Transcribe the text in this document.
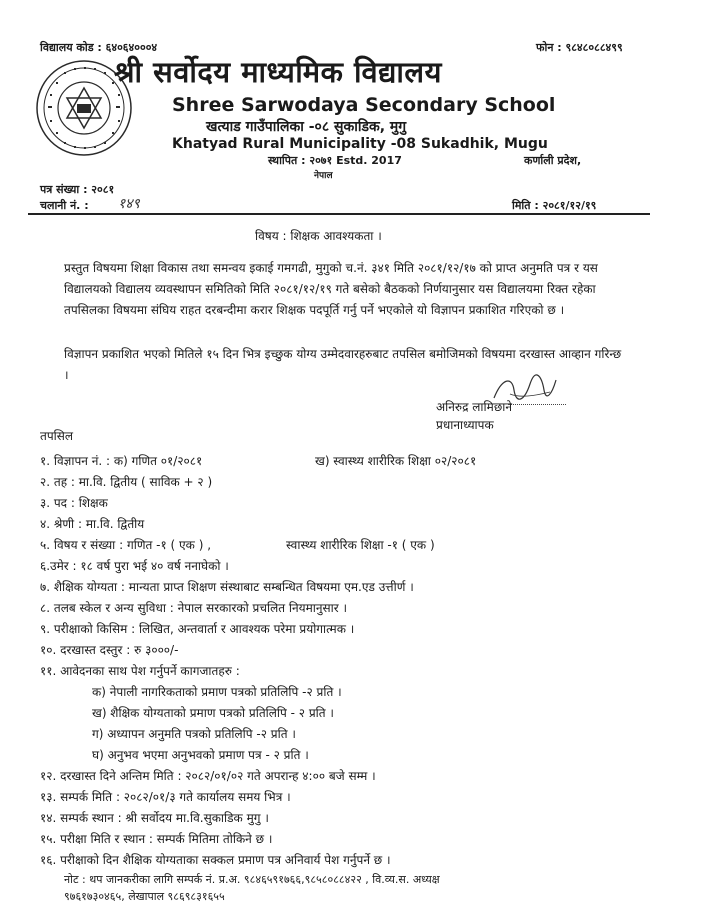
विद्यालय कोड : ६४०६४०००४	फोन : ९८४८०८८४९९
श्री सर्वोदय माध्यमिक विद्यालय
Shree Sarwodaya Secondary School
खत्याड गाउँपालिका -०८ सुकाडिक, मुगु
Khatyad Rural Municipality -08 Sukadhik, Mugu
स्थापित : २०७१ Estd. 2017	कर्णाली प्रदेश,
नेपाल
पत्र संख्या : २०८१
चलानी नं. : १४९	मिति : २०८१/१२/१९
विषय : शिक्षक आवश्यकता ।
प्रस्तुत विषयमा शिक्षा विकास तथा समन्वय इकाई गमगढी, मुगुको च.नं. ३४१ मिति २०८१/१२/१७ को प्राप्त अनुमति पत्र र यस विद्यालयको विद्यालय व्यवस्थापन समितिको मिति २०८१/१२/१९ गते बसेको बैठकको निर्णयानुसार यस विद्यालयमा रिक्त रहेका तपसिलका विषयमा संघिय राहत दरबन्दीमा करार शिक्षक पदपूर्ति गर्नु पर्ने भएकोले यो विज्ञापन प्रकाशित गरिएको छ ।
विज्ञापन प्रकाशित भएको मितिले १५ दिन भित्र इच्छुक योग्य उम्मेदवारहरुबाट तपसिल बमोजिमको विषयमा दरखास्त आव्हान गरिन्छ ।
अनिरुद्र लामिछाने
प्रधानाध्यापक
तपसिल
१. विज्ञापन नं. : क) गणित ०१/२०८१	ख) स्वास्थ्य शारीरिक शिक्षा ०२/२०८१
२. तह : मा.वि. द्वितीय ( साविक + २ )
३. पद : शिक्षक
४. श्रेणी : मा.वि. द्वितीय
५. विषय र संख्या : गणित -१ ( एक ) ,	स्वास्थ्य शारीरिक शिक्षा -१ ( एक )
६.उमेर : १८ वर्ष पुरा भई ४० वर्ष ननाघेको ।
७. शैक्षिक योग्यता : मान्यता प्राप्त शिक्षण संस्थाबाट सम्बन्धित विषयमा एम.एड उत्तीर्ण ।
८. तलब स्केल र अन्य सुविधा : नेपाल सरकारको प्रचलित नियमानुसार ।
९. परीक्षाको किसिम : लिखित, अन्तवार्ता र आवश्यक परेमा प्रयोगात्मक ।
१०. दरखास्त दस्तुर : रु ३०००/-
११. आवेदनका साथ पेश गर्नुपर्ने कागजातहरु :
क) नेपाली नागरिकताको प्रमाण पत्रको प्रतिलिपि -२ प्रति ।
ख) शैक्षिक योग्यताको प्रमाण पत्रको प्रतिलिपि - २ प्रति ।
ग) अध्यापन अनुमति पत्रको प्रतिलिपि -२ प्रति ।
घ) अनुभव भएमा अनुभवको प्रमाण पत्र - २ प्रति ।
१२. दरखास्त दिने अन्तिम मिति : २०८२/०१/०२ गते अपरान्ह ४:०० बजे सम्म ।
१३. सम्पर्क मिति : २०८२/०१/३ गते कार्यालय समय भित्र ।
१४. सम्पर्क स्थान : श्री सर्वोदय मा.वि.सुकाडिक मुगु ।
१५. परीक्षा मिति र स्थान : सम्पर्क मितिमा तोकिने छ ।
१६. परीक्षाको दिन शैक्षिक योग्यताका सक्कल प्रमाण पत्र अनिवार्य पेश गर्नुपर्ने छ ।
नोट : थप जानकरीका लागि सम्पर्क नं. प्र.अ. ९८४६५९१७६६,९८५८०८८४२२ , वि.व्य.स. अध्यक्ष
९७६१७३०४६५, लेखापाल ९८६९८३१६५५
